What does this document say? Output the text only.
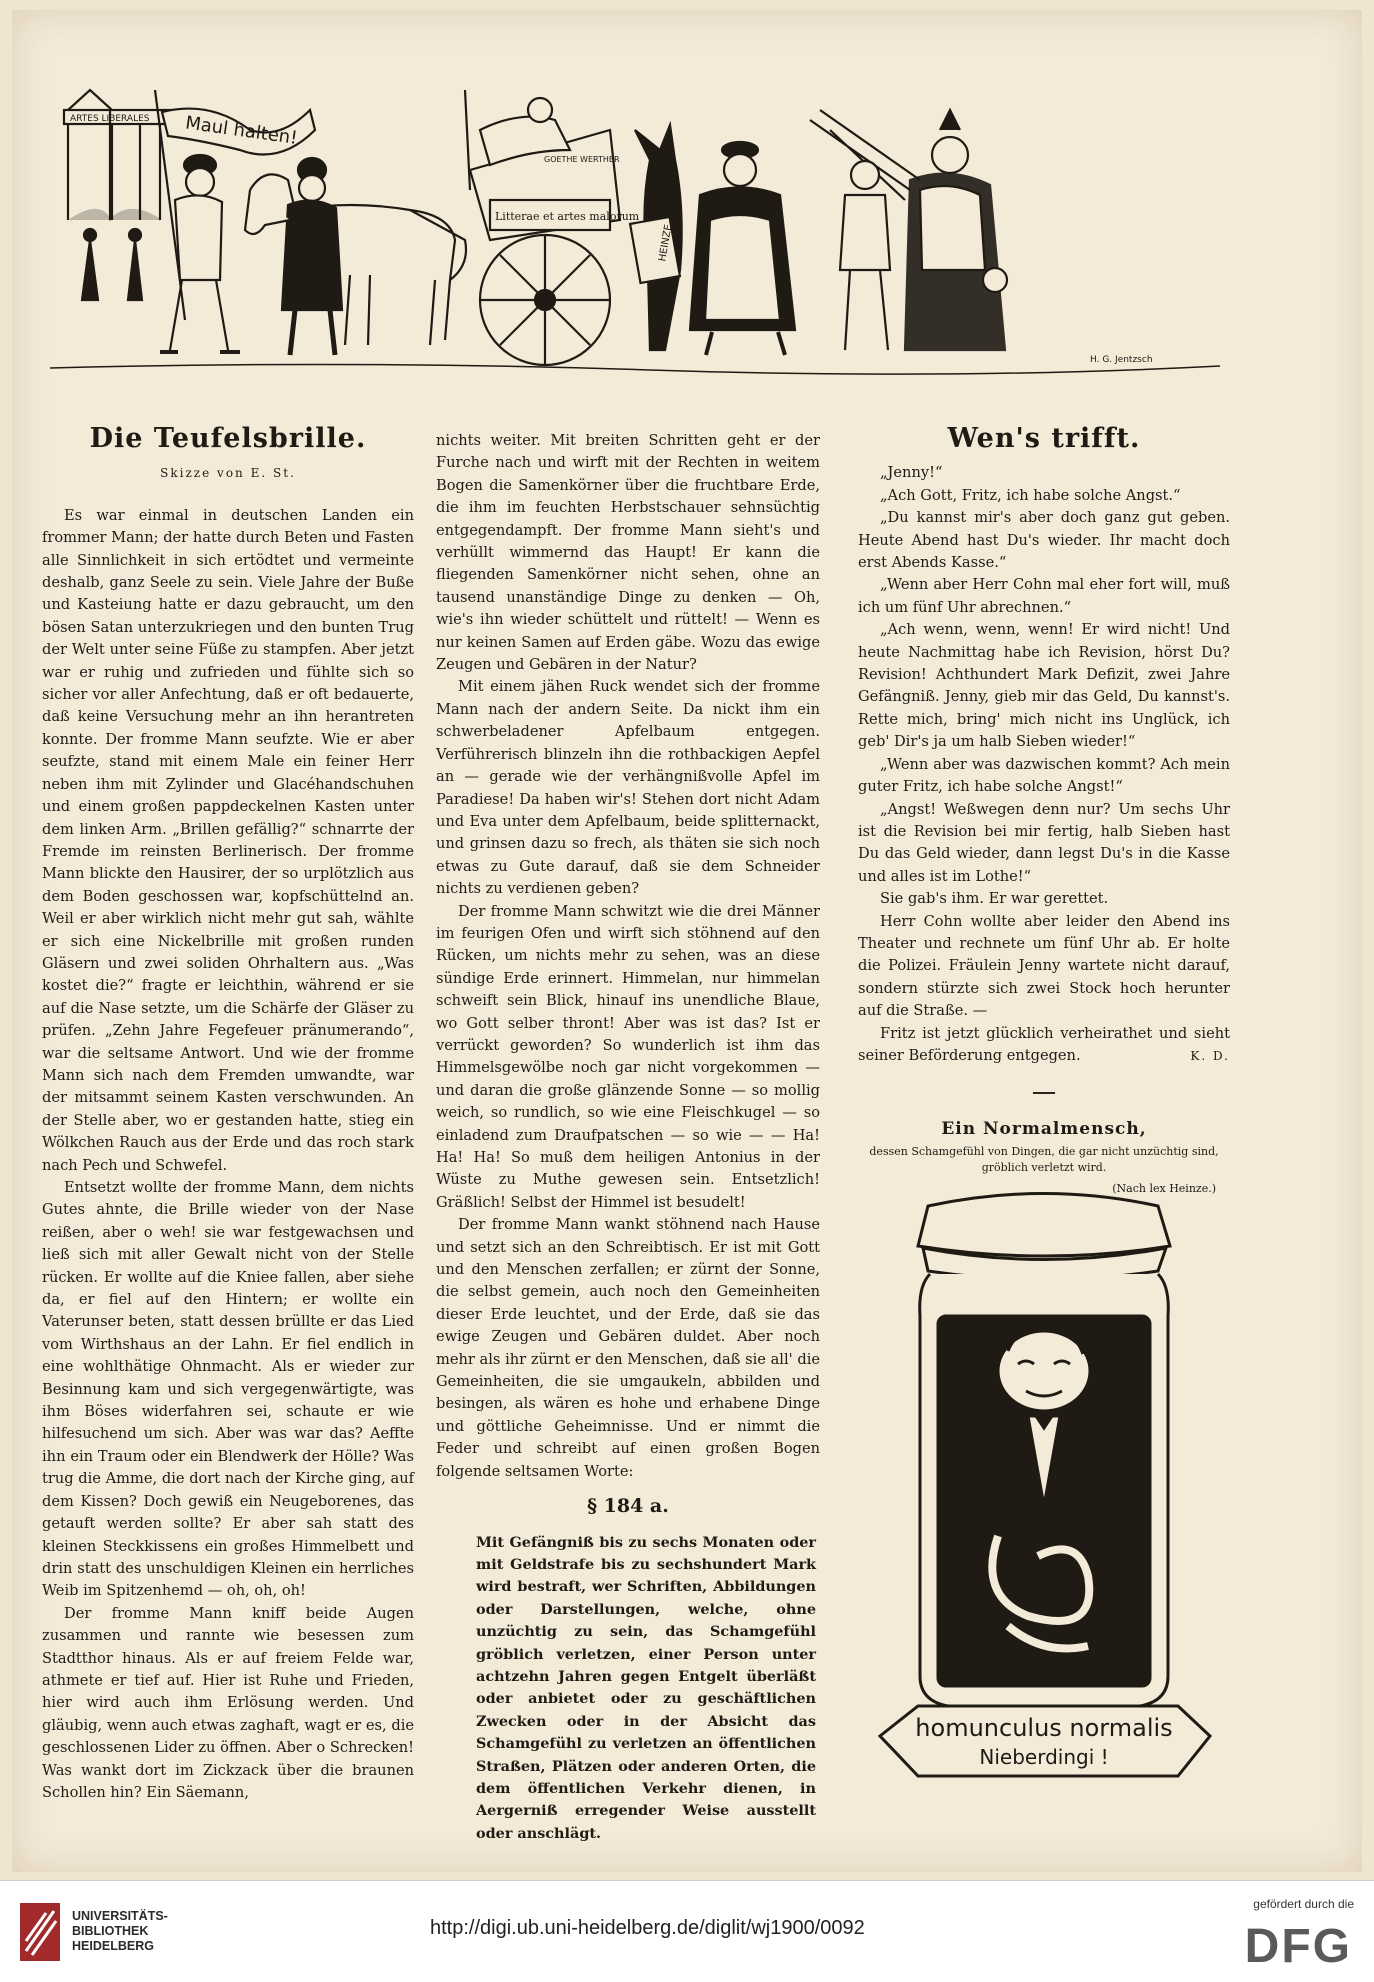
ARTES LIBERALES Maul halten!
GOETHE WERTHER
Litterae et artes malorum
HEINZE
H. G. Jentzsch
Die Teufelsbrille.
Skizze von E. St.

Es war einmal in deutschen Landen ein frommer Mann; der hatte durch Beten und Fasten alle Sinnlichkeit in sich ertödtet und vermeinte deshalb, ganz Seele zu sein. Viele Jahre der Buße und Kasteiung hatte er dazu gebraucht, um den bösen Satan unterzukriegen und den bunten Trug der Welt unter seine Füße zu stampfen. Aber jetzt war er ruhig und zufrieden und fühlte sich so sicher vor aller Anfechtung, daß er oft bedauerte, daß keine Versuchung mehr an ihn herantreten konnte. Der fromme Mann seufzte. Wie er aber seufzte, stand mit einem Male ein feiner Herr neben ihm mit Zylinder und Glacéhandschuhen und einem großen pappdeckelnen Kasten unter dem linken Arm. „Brillen gefällig?“ schnarrte der Fremde im reinsten Berlinerisch. Der fromme Mann blickte den Hausirer, der so urplötzlich aus dem Boden geschossen war, kopfschüttelnd an. Weil er aber wirklich nicht mehr gut sah, wählte er sich eine Nickelbrille mit großen runden Gläsern und zwei soliden Ohrhaltern aus. „Was kostet die?“ fragte er leichthin, während er sie auf die Nase setzte, um die Schärfe der Gläser zu prüfen. „Zehn Jahre Fegefeuer pränumerando“, war die seltsame Antwort. Und wie der fromme Mann sich nach dem Fremden umwandte, war der mitsammt seinem Kasten verschwunden. An der Stelle aber, wo er gestanden hatte, stieg ein Wölkchen Rauch aus der Erde und das roch stark nach Pech und Schwefel.

Entsetzt wollte der fromme Mann, dem nichts Gutes ahnte, die Brille wieder von der Nase reißen, aber o weh! sie war festgewachsen und ließ sich mit aller Gewalt nicht von der Stelle rücken. Er wollte auf die Kniee fallen, aber siehe da, er fiel auf den Hintern; er wollte ein Vaterunser beten, statt dessen brüllte er das Lied vom Wirthshaus an der Lahn. Er fiel endlich in eine wohlthätige Ohnmacht. Als er wieder zur Besinnung kam und sich vergegenwärtigte, was ihm Böses widerfahren sei, schaute er wie hilfesuchend um sich. Aber was war das? Aeffte ihn ein Traum oder ein Blendwerk der Hölle? Was trug die Amme, die dort nach der Kirche ging, auf dem Kissen? Doch gewiß ein Neugeborenes, das getauft werden sollte? Er aber sah statt des kleinen Steckkissens ein großes Himmelbett und drin statt des unschuldigen Kleinen ein herrliches Weib im Spitzenhemd — oh, oh, oh!

Der fromme Mann kniff beide Augen zusammen und rannte wie besessen zum Stadtthor hinaus. Als er auf freiem Felde war, athmete er tief auf. Hier ist Ruhe und Frieden, hier wird auch ihm Erlösung werden. Und gläubig, wenn auch etwas zaghaft, wagt er es, die geschlossenen Lider zu öffnen. Aber o Schrecken! Was wankt dort im Zickzack über die braunen Schollen hin? Ein Säemann,

nichts weiter. Mit breiten Schritten geht er der Furche nach und wirft mit der Rechten in weitem Bogen die Samenkörner über die fruchtbare Erde, die ihm im feuchten Herbstschauer sehnsüchtig entgegendampft. Der fromme Mann sieht's und verhüllt wimmernd das Haupt! Er kann die fliegenden Samenkörner nicht sehen, ohne an tausend unanständige Dinge zu denken — Oh, wie's ihn wieder schüttelt und rüttelt! — Wenn es nur keinen Samen auf Erden gäbe. Wozu das ewige Zeugen und Gebären in der Natur?

Mit einem jähen Ruck wendet sich der fromme Mann nach der andern Seite. Da nickt ihm ein schwerbeladener Apfelbaum entgegen. Verführerisch blinzeln ihn die rothbackigen Aepfel an — gerade wie der verhängnißvolle Apfel im Paradiese! Da haben wir's! Stehen dort nicht Adam und Eva unter dem Apfelbaum, beide splitternackt, und grinsen dazu so frech, als thäten sie sich noch etwas zu Gute darauf, daß sie dem Schneider nichts zu verdienen geben?

Der fromme Mann schwitzt wie die drei Männer im feurigen Ofen und wirft sich stöhnend auf den Rücken, um nichts mehr zu sehen, was an diese sündige Erde erinnert. Himmelan, nur himmelan schweift sein Blick, hinauf ins unendliche Blaue, wo Gott selber thront! Aber was ist das? Ist er verrückt geworden? So wunderlich ist ihm das Himmelsgewölbe noch gar nicht vorgekommen — und daran die große glänzende Sonne — so mollig weich, so rundlich, so wie eine Fleischkugel — so einladend zum Draufpatschen — so wie — — Ha! Ha! Ha! So muß dem heiligen Antonius in der Wüste zu Muthe gewesen sein. Entsetzlich! Gräßlich! Selbst der Himmel ist besudelt!

Der fromme Mann wankt stöhnend nach Hause und setzt sich an den Schreibtisch. Er ist mit Gott und den Menschen zerfallen; er zürnt der Sonne, die selbst gemein, auch noch den Gemeinheiten dieser Erde leuchtet, und der Erde, daß sie das ewige Zeugen und Gebären duldet. Aber noch mehr als ihr zürnt er den Menschen, daß sie all' die Gemeinheiten, die sie umgaukeln, abbilden und besingen, als wären es hohe und erhabene Dinge und göttliche Geheimnisse. Und er nimmt die Feder und schreibt auf einen großen Bogen folgende seltsamen Worte:

§ 184 a.
Mit Gefängniß bis zu sechs Monaten oder mit Geldstrafe bis zu sechshundert Mark wird bestraft, wer Schriften, Abbildungen oder Darstellungen, welche, ohne unzüchtig zu sein, das Schamgefühl gröblich verletzen, einer Person unter achtzehn Jahren gegen Entgelt überläßt oder anbietet oder zu geschäftlichen Zwecken oder in der Absicht das Schamgefühl zu verletzen an öffentlichen Straßen, Plätzen oder anderen Orten, die dem öffentlichen Verkehr dienen, in Aergerniß erregender Weise ausstellt oder anschlägt.
Wen's trifft.

„Jenny!“

„Ach Gott, Fritz, ich habe solche Angst.“

„Du kannst mir's aber doch ganz gut geben. Heute Abend hast Du's wieder. Ihr macht doch erst Abends Kasse.“

„Wenn aber Herr Cohn mal eher fort will, muß ich um fünf Uhr abrechnen.“

„Ach wenn, wenn, wenn! Er wird nicht! Und heute Nachmittag habe ich Revision, hörst Du? Revision! Achthundert Mark Defizit, zwei Jahre Gefängniß. Jenny, gieb mir das Geld, Du kannst's. Rette mich, bring' mich nicht ins Unglück, ich geb' Dir's ja um halb Sieben wieder!“

„Wenn aber was dazwischen kommt? Ach mein guter Fritz, ich habe solche Angst!“

„Angst! Weßwegen denn nur? Um sechs Uhr ist die Revision bei mir fertig, halb Sieben hast Du das Geld wieder, dann legst Du's in die Kasse und alles ist im Lothe!“

Sie gab's ihm. Er war gerettet.

Herr Cohn wollte aber leider den Abend ins Theater und rechnete um fünf Uhr ab. Er holte die Polizei. Fräulein Jenny wartete nicht darauf, sondern stürzte sich zwei Stock hoch herunter auf die Straße. —

Fritz ist jetzt glücklich verheirathet und sieht seiner Beförderung entgegen.	K. D.
Ein Normalmensch,
dessen Schamgefühl von Dingen, die gar nicht unzüchtig sind, gröblich verletzt wird.
(Nach lex Heinze.)
homunculus normalis
Nieberdingi !
UNIVERSITÄTS-
BIBLIOTHEK
HEIDELBERG
http://digi.ub.uni-heidelberg.de/diglit/wj1900/0092
gefördert durch die
DFG
